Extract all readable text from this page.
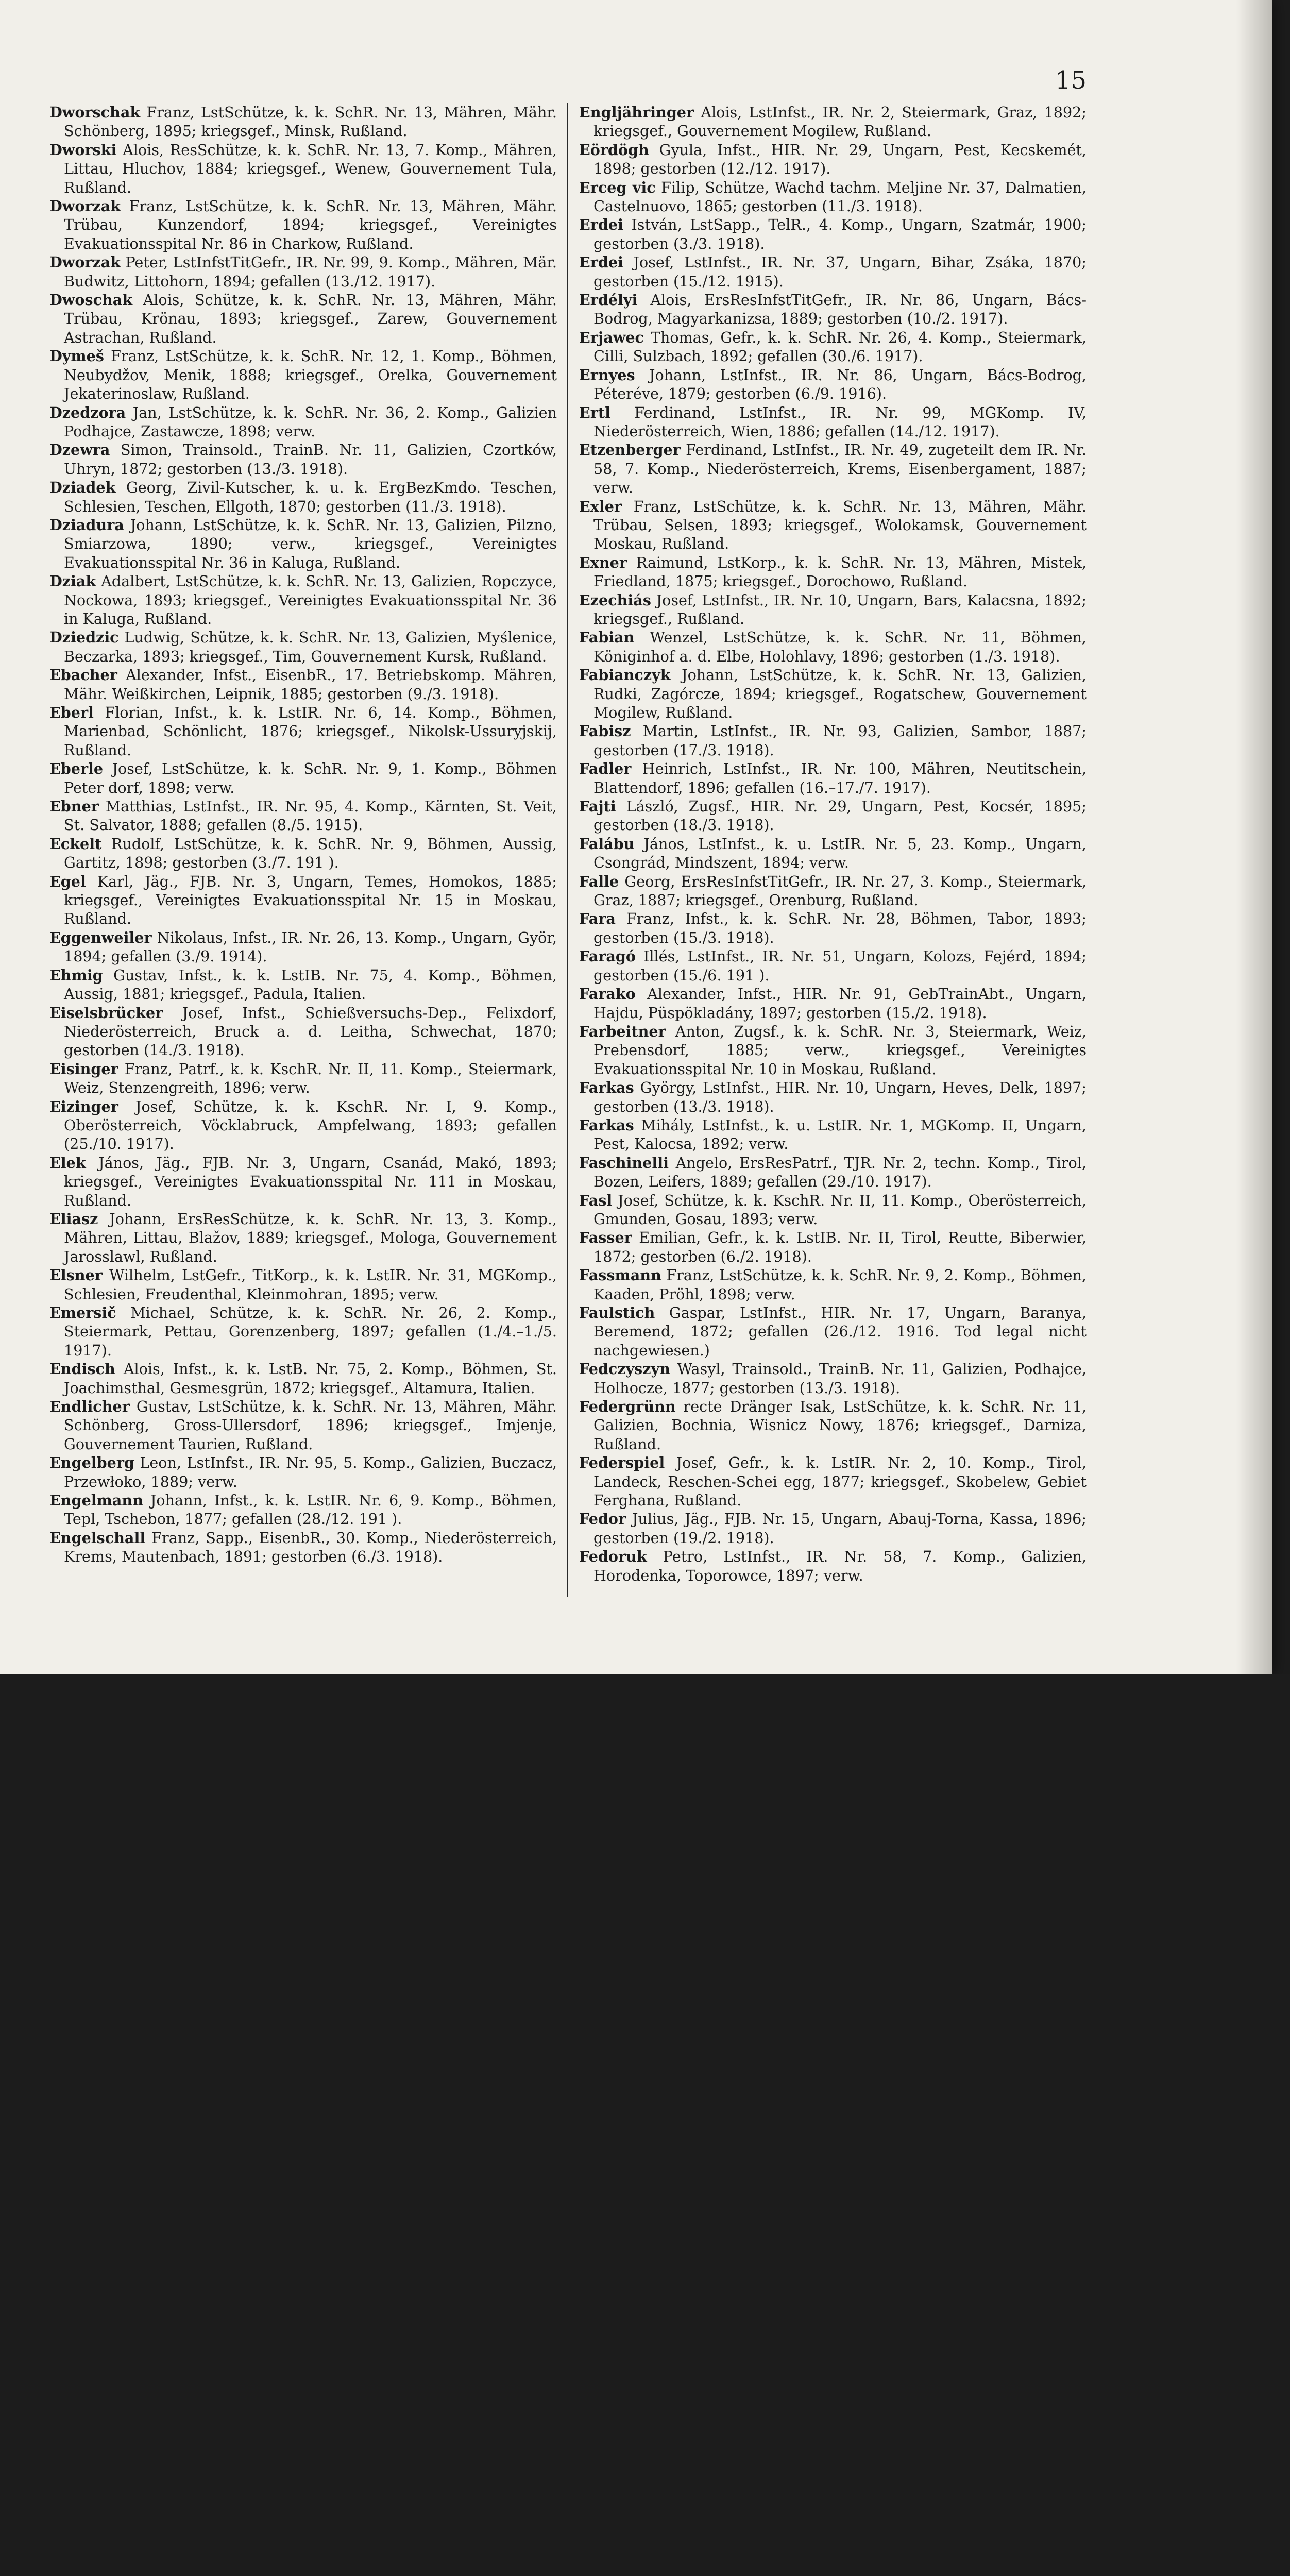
15

Dworschak Franz, LstSchütze, k. k. SchR. Nr. 13, Mähren, Mähr. Schönberg, 1895; kriegsgef., Minsk, Rußland.

Dworski Alois, ResSchütze, k. k. SchR. Nr. 13, 7. Komp., Mähren, Littau, Hluchov, 1884; kriegsgef., Wenew, Gouvernement Tula, Rußland.

Dworzak Franz, LstSchütze, k. k. SchR. Nr. 13, Mähren, Mähr. Trübau, Kunzendorf, 1894; kriegsgef., Vereinigtes Evakuationsspital Nr. 86 in Charkow, Rußland.

Dworzak Peter, LstInfstTitGefr., IR. Nr. 99, 9. Komp., Mähren, Mär. Budwitz, Littohorn, 1894; gefallen (13./12. 1917).

Dwoschak Alois, Schütze, k. k. SchR. Nr. 13, Mähren, Mähr. Trübau, Krönau, 1893; kriegsgef., Zarew, Gouvernement Astrachan, Rußland.

Dymeš Franz, LstSchütze, k. k. SchR. Nr. 12, 1. Komp., Böhmen, Neubydžov, Menik, 1888; kriegsgef., Orelka, Gouvernement Jekaterinoslaw, Rußland.

Dzedzora Jan, LstSchütze, k. k. SchR. Nr. 36, 2. Komp., Galizien Podhajce, Zastawcze, 1898; verw.

Dzewra Simon, Trainsold., TrainB. Nr. 11, Galizien, Czortków, Uhryn, 1872; gestorben (13./3. 1918).

Dziadek Georg, Zivil-Kutscher, k. u. k. ErgBezKmdo. Teschen, Schlesien, Teschen, Ellgoth, 1870; gestorben (11./3. 1918).

Dziadura Johann, LstSchütze, k. k. SchR. Nr. 13, Galizien, Pilzno, Smiarzowa, 1890; verw., kriegsgef., Vereinigtes Evakuationsspital Nr. 36 in Kaluga, Rußland.

Dziak Adalbert, LstSchütze, k. k. SchR. Nr. 13, Galizien, Ropczyce, Nockowa, 1893; kriegsgef., Vereinigtes Evakuationsspital Nr. 36 in Kaluga, Rußland.

Dziedzic Ludwig, Schütze, k. k. SchR. Nr. 13, Galizien, Myślenice, Beczarka, 1893; kriegsgef., Tim, Gouvernement Kursk, Rußland.

Ebacher Alexander, Infst., EisenbR., 17. Betriebskomp. Mähren, Mähr. Weißkirchen, Leipnik, 1885; gestorben (9./3. 1918).

Eberl Florian, Infst., k. k. LstIR. Nr. 6, 14. Komp., Böhmen, Marienbad, Schönlicht, 1876; kriegsgef., Nikolsk-Ussuryjskij, Rußland.

Eberle Josef, LstSchütze, k. k. SchR. Nr. 9, 1. Komp., Böhmen Peter dorf, 1898; verw.

Ebner Matthias, LstInfst., IR. Nr. 95, 4. Komp., Kärnten, St. Veit, St. Salvator, 1888; gefallen (8./5. 1915).

Eckelt Rudolf, LstSchütze, k. k. SchR. Nr. 9, Böhmen, Aussig, Gartitz, 1898; gestorben (3./7. 191 ).

Egel Karl, Jäg., FJB. Nr. 3, Ungarn, Temes, Homokos, 1885; kriegsgef., Vereinigtes Evakuationsspital Nr. 15 in Moskau, Rußland.

Eggenweiler Nikolaus, Infst., IR. Nr. 26, 13. Komp., Ungarn, Györ, 1894; gefallen (3./9. 1914).

Ehmig Gustav, Infst., k. k. LstIB. Nr. 75, 4. Komp., Böhmen, Aussig, 1881; kriegsgef., Padula, Italien.

Eiselsbrücker Josef, Infst., Schießversuchs-Dep., Felixdorf, Niederösterreich, Bruck a. d. Leitha, Schwechat, 1870; gestorben (14./3. 1918).

Eisinger Franz, Patrf., k. k. KschR. Nr. II, 11. Komp., Steiermark, Weiz, Stenzengreith, 1896; verw.

Eizinger Josef, Schütze, k. k. KschR. Nr. I, 9. Komp., Oberösterreich, Vöcklabruck, Ampfelwang, 1893; gefallen (25./10. 1917).

Elek János, Jäg., FJB. Nr. 3, Ungarn, Csanád, Makó, 1893; kriegsgef., Vereinigtes Evakuationsspital Nr. 111 in Moskau, Rußland.

Eliasz Johann, ErsResSchütze, k. k. SchR. Nr. 13, 3. Komp., Mähren, Littau, Blažov, 1889; kriegsgef., Mologa, Gouvernement Jarosslawl, Rußland.

Elsner Wilhelm, LstGefr., TitKorp., k. k. LstIR. Nr. 31, MGKomp., Schlesien, Freudenthal, Kleinmohran, 1895; verw.

Emersič Michael, Schütze, k. k. SchR. Nr. 26, 2. Komp., Steiermark, Pettau, Gorenzenberg, 1897; gefallen (1./4.–1./5. 1917).

Endisch Alois, Infst., k. k. LstB. Nr. 75, 2. Komp., Böhmen, St. Joachimsthal, Gesmesgrün, 1872; kriegsgef., Altamura, Italien.

Endlicher Gustav, LstSchütze, k. k. SchR. Nr. 13, Mähren, Mähr. Schönberg, Gross-Ullersdorf, 1896; kriegsgef., Imjenje, Gouvernement Taurien, Rußland.

Engelberg Leon, LstInfst., IR. Nr. 95, 5. Komp., Galizien, Buczacz, Przewłoko, 1889; verw.

Engelmann Johann, Infst., k. k. LstIR. Nr. 6, 9. Komp., Böhmen, Tepl, Tschebon, 1877; gefallen (28./12. 191 ).

Engelschall Franz, Sapp., EisenbR., 30. Komp., Niederösterreich, Krems, Mautenbach, 1891; gestorben (6./3. 1918).

Engljähringer Alois, LstInfst., IR. Nr. 2, Steiermark, Graz, 1892; kriegsgef., Gouvernement Mogilew, Rußland.

Eördögh Gyula, Infst., HIR. Nr. 29, Ungarn, Pest, Kecskemét, 1898; gestorben (12./12. 1917).

Erceg vic Filip, Schütze, Wachd tachm. Meljine Nr. 37, Dalmatien, Castelnuovo, 1865; gestorben (11./3. 1918).

Erdei István, LstSapp., TelR., 4. Komp., Ungarn, Szatmár, 1900; gestorben (3./3. 1918).

Erdei Josef, LstInfst., IR. Nr. 37, Ungarn, Bihar, Zsáka, 1870; gestorben (15./12. 1915).

Erdélyi Alois, ErsResInfstTitGefr., IR. Nr. 86, Ungarn, Bács-Bodrog, Magyarkanizsa, 1889; gestorben (10./2. 1917).

Erjawec Thomas, Gefr., k. k. SchR. Nr. 26, 4. Komp., Steiermark, Cilli, Sulzbach, 1892; gefallen (30./6. 1917).

Ernyes Johann, LstInfst., IR. Nr. 86, Ungarn, Bács-Bodrog, Péteréve, 1879; gestorben (6./9. 1916).

Ertl Ferdinand, LstInfst., IR. Nr. 99, MGKomp. IV, Niederösterreich, Wien, 1886; gefallen (14./12. 1917).

Etzenberger Ferdinand, LstInfst., IR. Nr. 49, zugeteilt dem IR. Nr. 58, 7. Komp., Niederösterreich, Krems, Eisenbergament, 1887; verw.

Exler Franz, LstSchütze, k. k. SchR. Nr. 13, Mähren, Mähr. Trübau, Selsen, 1893; kriegsgef., Wolokamsk, Gouvernement Moskau, Rußland.

Exner Raimund, LstKorp., k. k. SchR. Nr. 13, Mähren, Mistek, Friedland, 1875; kriegsgef., Dorochowo, Rußland.

Ezechiás Josef, LstInfst., IR. Nr. 10, Ungarn, Bars, Kalacsna, 1892; kriegsgef., Rußland.

Fabian Wenzel, LstSchütze, k. k. SchR. Nr. 11, Böhmen, Königinhof a. d. Elbe, Holohlavy, 1896; gestorben (1./3. 1918).

Fabianczyk Johann, LstSchütze, k. k. SchR. Nr. 13, Galizien, Rudki, Zagórcze, 1894; kriegsgef., Rogatschew, Gouvernement Mogilew, Rußland.

Fabisz Martin, LstInfst., IR. Nr. 93, Galizien, Sambor, 1887; gestorben (17./3. 1918).

Fadler Heinrich, LstInfst., IR. Nr. 100, Mähren, Neutitschein, Blattendorf, 1896; gefallen (16.–17./7. 1917).

Fajti László, Zugsf., HIR. Nr. 29, Ungarn, Pest, Kocsér, 1895; gestorben (18./3. 1918).

Falábu János, LstInfst., k. u. LstIR. Nr. 5, 23. Komp., Ungarn, Csongrád, Mindszent, 1894; verw.

Falle Georg, ErsResInfstTitGefr., IR. Nr. 27, 3. Komp., Steiermark, Graz, 1887; kriegsgef., Orenburg, Rußland.

Fara Franz, Infst., k. k. SchR. Nr. 28, Böhmen, Tabor, 1893; gestorben (15./3. 1918).

Faragó Illés, LstInfst., IR. Nr. 51, Ungarn, Kolozs, Fejérd, 1894; gestorben (15./6. 191 ).

Farako Alexander, Infst., HIR. Nr. 91, GebTrainAbt., Ungarn, Hajdu, Püspökladány, 1897; gestorben (15./2. 1918).

Farbeitner Anton, Zugsf., k. k. SchR. Nr. 3, Steiermark, Weiz, Prebensdorf, 1885; verw., kriegsgef., Vereinigtes Evakuationsspital Nr. 10 in Moskau, Rußland.

Farkas György, LstInfst., HIR. Nr. 10, Ungarn, Heves, Delk, 1897; gestorben (13./3. 1918).

Farkas Mihály, LstInfst., k. u. LstIR. Nr. 1, MGKomp. II, Ungarn, Pest, Kalocsa, 1892; verw.

Faschinelli Angelo, ErsResPatrf., TJR. Nr. 2, techn. Komp., Tirol, Bozen, Leifers, 1889; gefallen (29./10. 1917).

Fasl Josef, Schütze, k. k. KschR. Nr. II, 11. Komp., Oberösterreich, Gmunden, Gosau, 1893; verw.

Fasser Emilian, Gefr., k. k. LstIB. Nr. II, Tirol, Reutte, Biberwier, 1872; gestorben (6./2. 1918).

Fassmann Franz, LstSchütze, k. k. SchR. Nr. 9, 2. Komp., Böhmen, Kaaden, Pröhl, 1898; verw.

Faulstich Gaspar, LstInfst., HIR. Nr. 17, Ungarn, Baranya, Beremend, 1872; gefallen (26./12. 1916. Tod legal nicht nachgewiesen.)

Fedczyszyn Wasyl, Trainsold., TrainB. Nr. 11, Galizien, Podhajce, Holhocze, 1877; gestorben (13./3. 1918).

Federgrünn recte Dränger Isak, LstSchütze, k. k. SchR. Nr. 11, Galizien, Bochnia, Wisnicz Nowy, 1876; kriegsgef., Darniza, Rußland.

Federspiel Josef, Gefr., k. k. LstIR. Nr. 2, 10. Komp., Tirol, Landeck, Reschen-Schei egg, 1877; kriegsgef., Skobelew, Gebiet Ferghana, Rußland.

Fedor Julius, Jäg., FJB. Nr. 15, Ungarn, Abauj-Torna, Kassa, 1896; gestorben (19./2. 1918).

Fedoruk Petro, LstInfst., IR. Nr. 58, 7. Komp., Galizien, Horodenka, Toporowce, 1897; verw.
